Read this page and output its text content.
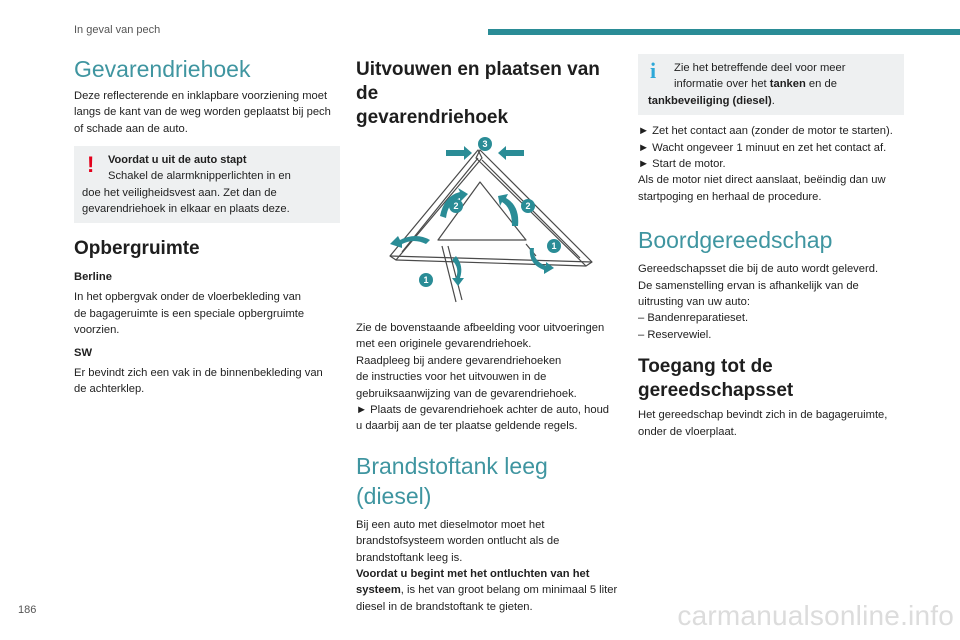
In geval van pech
Gevarendriehoek

Deze reflecterende en inklapbare voorziening moet
langs de kant van de weg worden geplaatst bij pech
of schade aan de auto.

!	Voordat u uit de auto stapt
Schakel de alarmknipperlichten in en
doe het veiligheidsvest aan. Zet dan de
gevarendriehoek in elkaar en plaats deze.
Opbergruimte

Berline

In het opbergvak onder de vloerbekleding van
de bagageruimte is een speciale opbergruimte
voorzien.

SW

Er bevindt zich een vak in de binnenbekleding van
de achterklep.

Uitvouwen en plaatsen van de
gevarendriehoek
3
2	2
1
1

Zie de bovenstaande afbeelding voor uitvoeringen
met een originele gevarendriehoek.
Raadpleeg bij andere gevarendriehoeken
de instructies voor het uitvouwen in de
gebruiksaanwijzing van de gevarendriehoek.
► Plaats de gevarendriehoek achter de auto, houd
u daarbij aan de ter plaatse geldende regels.

Brandstoftank leeg (diesel)

Bij een auto met dieselmotor moet het
brandstofsysteem worden ontlucht als de
brandstoftank leeg is.
Voordat u begint met het ontluchten van het
systeem, is het van groot belang om minimaal 5 liter
diesel in de brandstoftank te gieten.

i	Zie het betreffende deel voor meer
informatie over het tanken en de
tankbeveiliging (diesel).

► Zet het contact aan (zonder de motor te starten).
► Wacht ongeveer 1 minuut en zet het contact af.
► Start de motor.
Als de motor niet direct aanslaat, beëindig dan uw
startpoging en herhaal de procedure.

Boordgereedschap

Gereedschapsset die bij de auto wordt geleverd.
De samenstelling ervan is afhankelijk van de
uitrusting van uw auto:
– Bandenreparatieset.
– Reservewiel.

Toegang tot de
gereedschapsset

Het gereedschap bevindt zich in de bagageruimte,
onder de vloerplaat.

186	carmanualsonline.info
